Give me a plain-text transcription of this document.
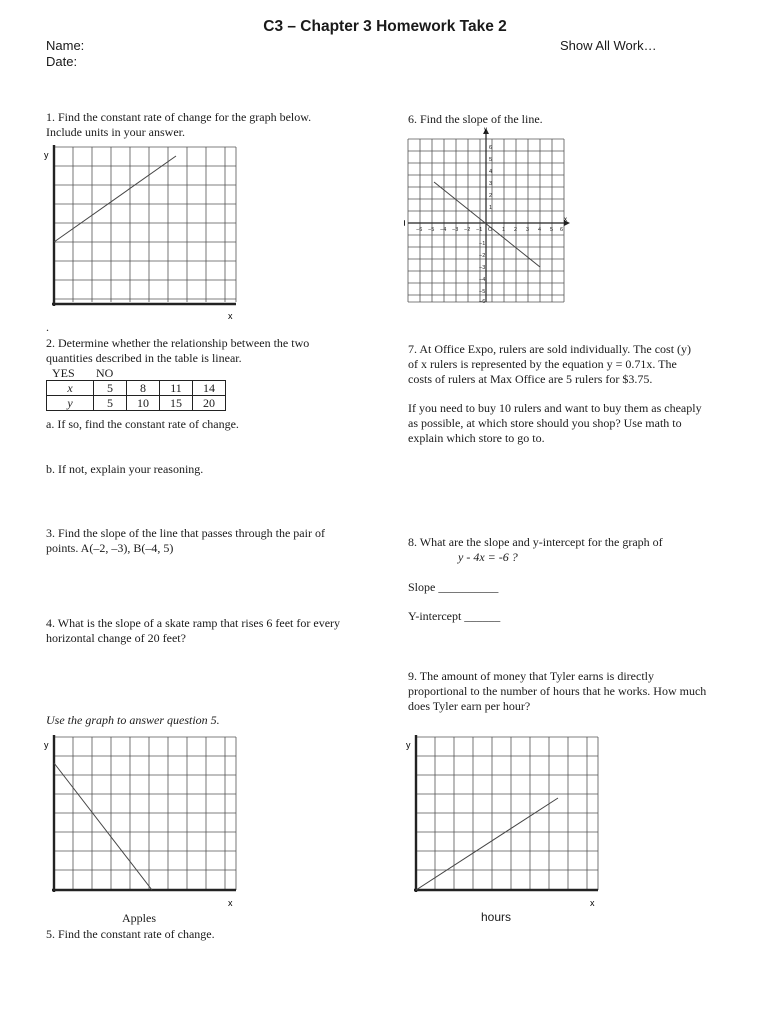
C3 – Chapter 3 Homework Take 2
Name:
Date:
Show All Work…
1. Find the constant rate of change for the graph below.
Include units in your answer.
y
x
.
2. Determine whether the relationship between the two
quantities described in the table is linear.
YES NO
x	5	8	11	14
y	5	10	15	20
a. If so, find the constant rate of change.
b. If not, explain your reasoning.
3. Find the slope of the line that passes through the pair of
points. A(–2, –3), B(–4, 5)
4. What is the slope of a skate ramp that rises 6 feet for every
horizontal change of 20 feet?
Use the graph to answer question 5.
y
x
Apples
5. Find the constant rate of change.
6. Find the slope of the line.
x
y
−6 −5 −4 −3 −2 −1 O 1 2 3 4 5 6
6
5
4
3
2
1
−1
−2
−3
−4
−5
−6
7. At Office Expo, rulers are sold individually. The cost (y)
of x rulers is represented by the equation y = 0.71x. The
costs of rulers at Max Office are 5 rulers for $3.75.
If you need to buy 10 rulers and want to buy them as cheaply
as possible, at which store should you shop? Use math to
explain which store to go to.
8. What are the slope and y-intercept for the graph of
y - 4x = -6 ?
Slope __________
Y-intercept ______
9. The amount of money that Tyler earns is directly
proportional to the number of hours that he works. How much
does Tyler earn per hour?
y
x
hours
